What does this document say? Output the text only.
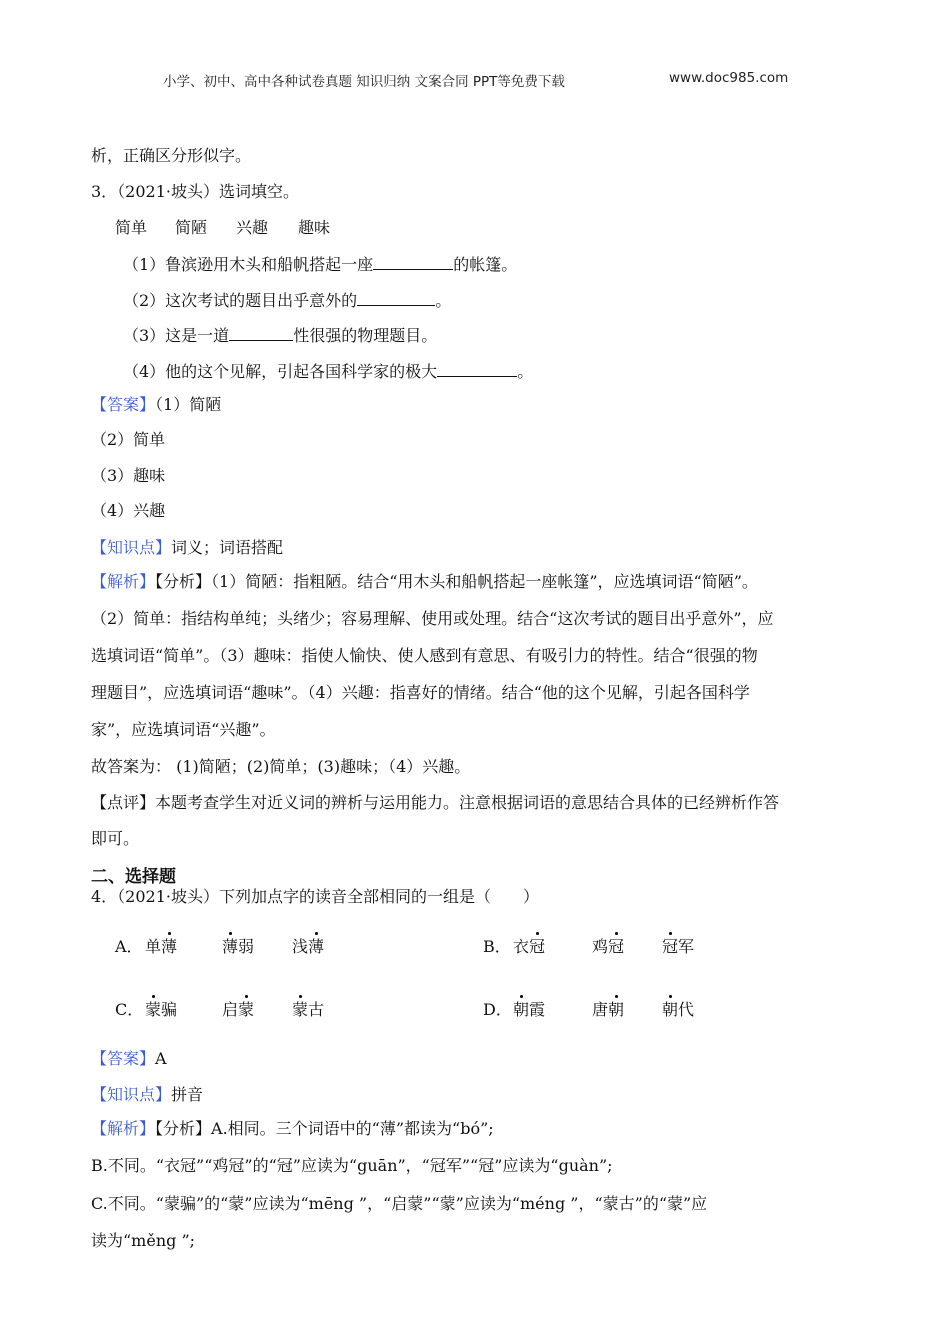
小学、初中、高中各种试卷真题 知识归纳 文案合同 PPT等免费下载	www.doc985.com
析，正确区分形似字。
3．（2021·坡头）选词填空。
简单 简陋 兴趣 趣味
（1）鲁滨逊用木头和船帆搭起一座	的帐篷。
（2）这次考试的题目出乎意外的	。
（3）这是一道	性很强的物理题目。
（4）他的这个见解，引起各国科学家的极大	。
【答案】（1）简陋
（2）简单
（3）趣味
（4）兴趣
【知识点】词义；词语搭配
【解析】【分析】（1）简陋：指粗陋。结合“用木头和船帆搭起一座帐篷”，应选填词语“简陋”。
（2）简单：指结构单纯；头绪少；容易理解、使用或处理。结合“这次考试的题目出乎意外”，应
选填词语“简单”。（3）趣味：指使人愉快、使人感到有意思、有吸引力的特性。结合“很强的物
理题目”，应选填词语“趣味”。（4）兴趣：指喜好的情绪。结合“他的这个见解，引起各国科学
家”，应选填词语“兴趣”。
故答案为： (1)简陋；(2)简单；(3)趣味；（4）兴趣。
【点评】本题考查学生对近义词的辨析与运用能力。注意根据词语的意思结合具体的已经辨析作答
即可。
二、选择题
4．（2021·坡头）下列加点字的读音全部相同的一组是（　　）
A． 单薄	薄弱 浅薄	B． 衣冠	鸡冠 冠军
C． 蒙骗	启蒙 蒙古	D． 朝霞	唐朝 朝代
【答案】A
【知识点】拼音
【解析】【分析】A.相同。三个词语中的“薄”都读为“bó”;
B.不同。“衣冠”“鸡冠”的“冠”应读为“guān”，“冠军”“冠”应读为“guàn”;
C.不同。“蒙骗”的“蒙”应读为“mēng ”，“启蒙”“蒙”应读为“méng ”，“蒙古”的“蒙”应
读为“měng ”;
